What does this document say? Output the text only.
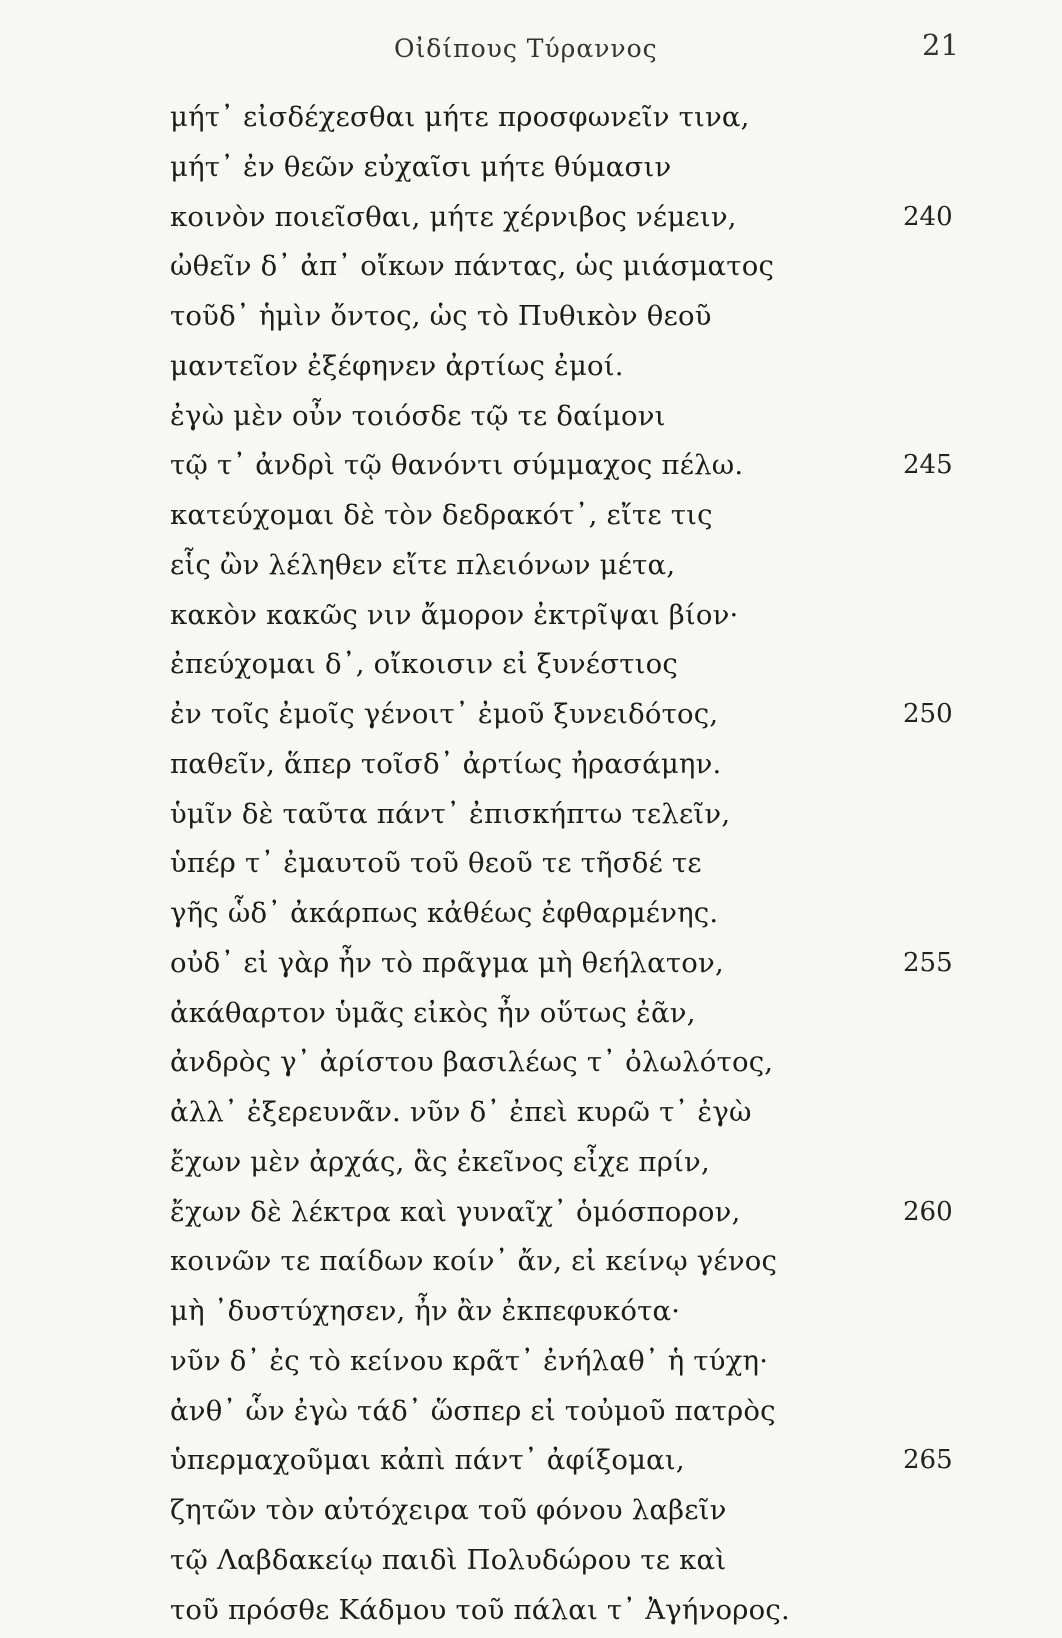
Οἰδίπους Τύραννος	21
μήτ᾽ εἰσδέχεσθαι μήτε προσφωνεῖν τινα,
μήτ᾽ ἐν θεῶν εὐχαῖσι μήτε θύμασιν
κοινὸν ποιεῖσθαι, μήτε χέρνιβος νέμειν,	240
ὠθεῖν δ᾽ ἀπ᾽ οἴκων πάντας, ὡς μιάσματος
τοῦδ᾽ ἡμὶν ὄντος, ὡς τὸ Πυθικὸν θεοῦ
μαντεῖον ἐξέφηνεν ἀρτίως ἐμοί.
ἐγὼ μὲν οὖν τοιόσδε τῷ τε δαίμονι
τῷ τ᾽ ἀνδρὶ τῷ θανόντι σύμμαχος πέλω.	245
κατεύχομαι δὲ τὸν δεδρακότ᾽, εἴτε τις
εἷς ὢν λέληθεν εἴτε πλειόνων μέτα,
κακὸν κακῶς νιν ἄμορον ἐκτρῖψαι βίον·
ἐπεύχομαι δ᾽, οἴκοισιν εἰ ξυνέστιος
ἐν τοῖς ἐμοῖς γένοιτ᾽ ἐμοῦ ξυνειδότος,	250
παθεῖν, ἅπερ τοῖσδ᾽ ἀρτίως ἠρασάμην.
ὑμῖν δὲ ταῦτα πάντ᾽ ἐπισκήπτω τελεῖν,
ὑπέρ τ᾽ ἐμαυτοῦ τοῦ θεοῦ τε τῆσδέ τε
γῆς ὧδ᾽ ἀκάρπως κἀθέως ἐφθαρμένης.
οὐδ᾽ εἰ γὰρ ἦν τὸ πρᾶγμα μὴ θεήλατον,	255
ἀκάθαρτον ὑμᾶς εἰκὸς ἦν οὕτως ἐᾶν,
ἀνδρὸς γ᾽ ἀρίστου βασιλέως τ᾽ ὀλωλότος,
ἀλλ᾽ ἐξερευνᾶν. νῦν δ᾽ ἐπεὶ κυρῶ τ᾽ ἐγὼ
ἔχων μὲν ἀρχάς, ἃς ἐκεῖνος εἶχε πρίν,
ἔχων δὲ λέκτρα καὶ γυναῖχ᾽ ὁμόσπορον,	260
κοινῶν τε παίδων κοίν᾽ ἄν, εἰ κείνῳ γένος
μὴ ᾽δυστύχησεν, ἦν ἂν ἐκπεφυκότα·
νῦν δ᾽ ἐς τὸ κείνου κρᾶτ᾽ ἐνήλαθ᾽ ἡ τύχη·
ἀνθ᾽ ὧν ἐγὼ τάδ᾽ ὥσπερ εἰ τοὐμοῦ πατρὸς
ὑπερμαχοῦμαι κἀπὶ πάντ᾽ ἀφίξομαι,	265
ζητῶν τὸν αὐτόχειρα τοῦ φόνου λαβεῖν
τῷ Λαβδακείῳ παιδὶ Πολυδώρου τε καὶ
τοῦ πρόσθε Κάδμου τοῦ πάλαι τ᾽ Ἀγήνορος.
